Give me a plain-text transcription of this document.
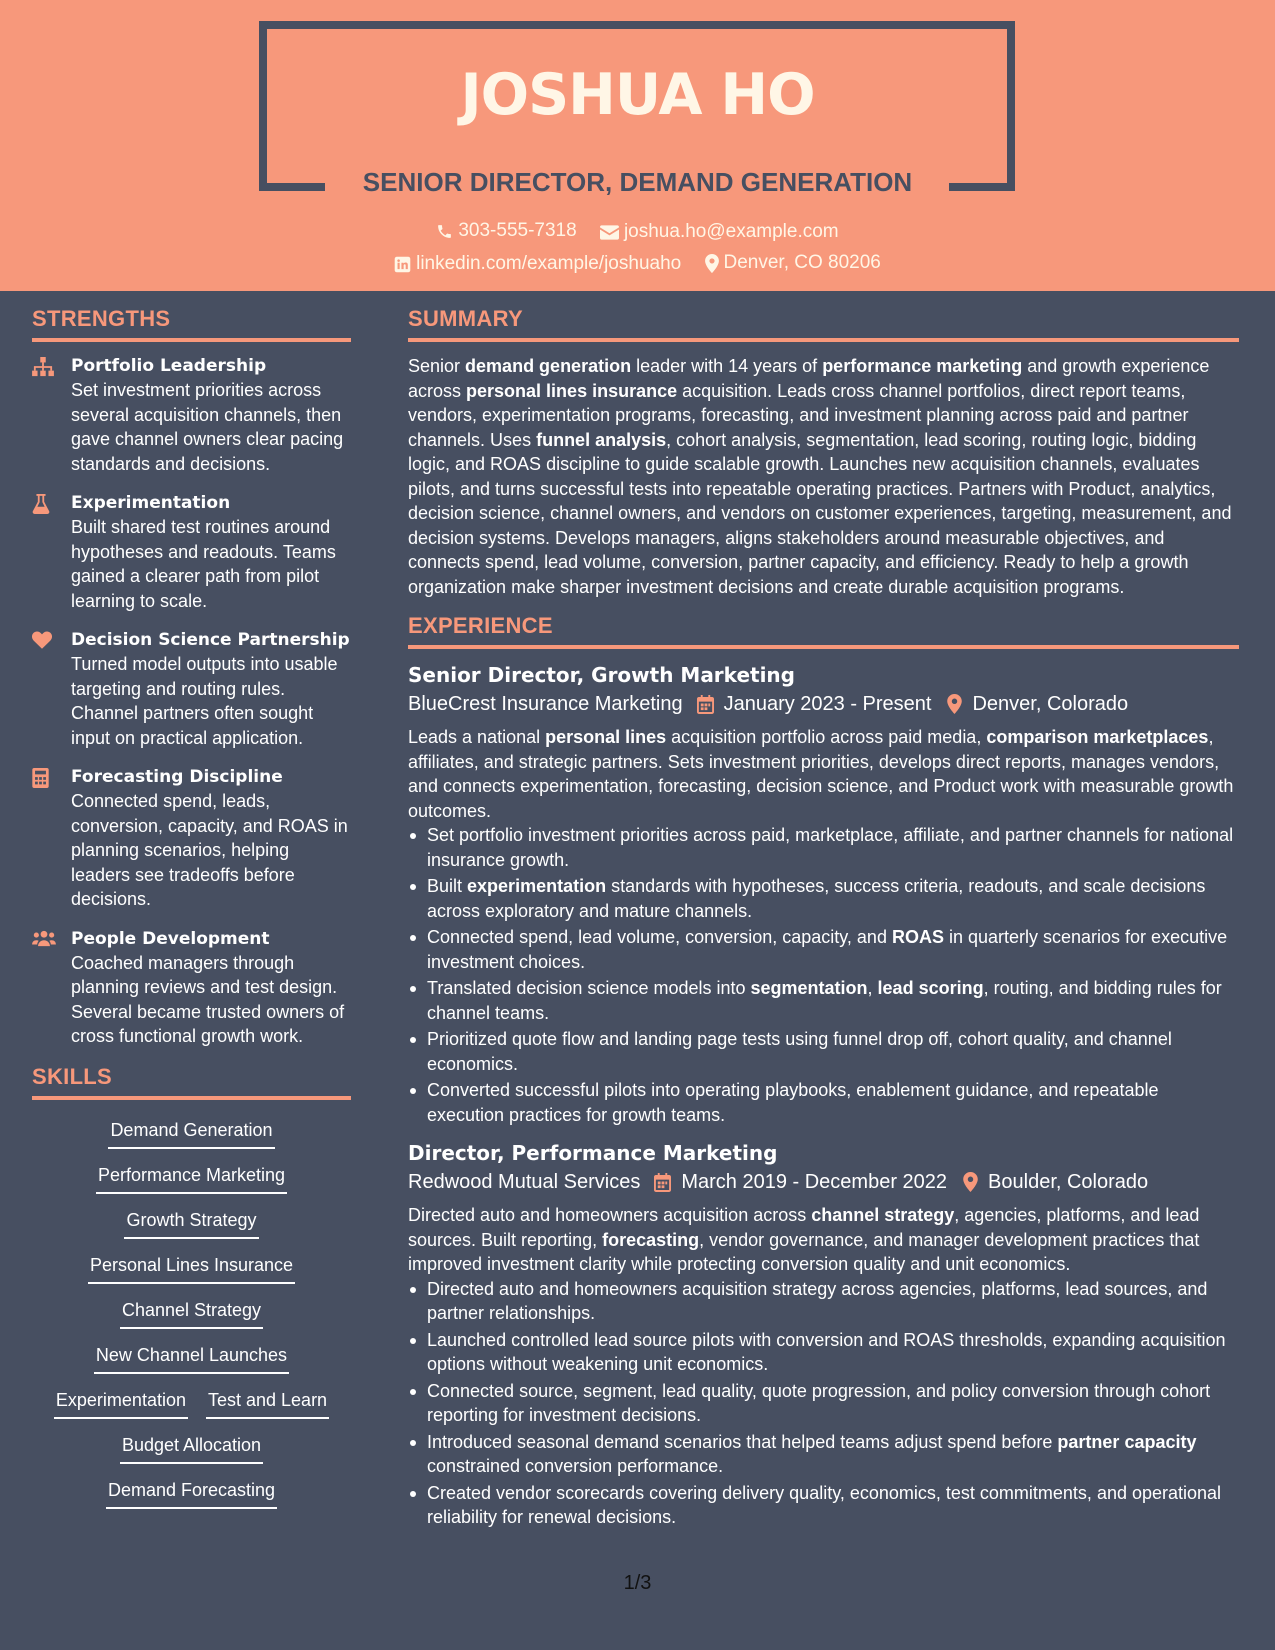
JOSHUA HO
SENIOR DIRECTOR, DEMAND GENERATION
303-555-7318
joshua.ho@example.com
linkedin.com/example/joshuaho
Denver, CO 80206
STRENGTHS
Portfolio Leadership
Set investment priorities across several acquisition channels, then gave channel owners clear pacing standards and decisions.
Experimentation
Built shared test routines around hypotheses and readouts. Teams gained a clearer path from pilot learning to scale.
Decision Science Partnership
Turned model outputs into usable targeting and routing rules. Channel partners often sought input on practical application.
Forecasting Discipline
Connected spend, leads, conversion, capacity, and ROAS in planning scenarios, helping leaders see tradeoffs before decisions.
People Development
Coached managers through planning reviews and test design. Several became trusted owners of cross functional growth work.
SKILLS
Demand Generation
Performance Marketing
Growth Strategy
Personal Lines Insurance
Channel Strategy
New Channel Launches
Experimentation Test and Learn
Budget Allocation
Demand Forecasting
SUMMARY
Senior demand generation leader with 14 years of performance marketing and growth experience across personal lines insurance acquisition. Leads cross channel portfolios, direct report teams, vendors, experimentation programs, forecasting, and investment planning across paid and partner channels. Uses funnel analysis, cohort analysis, segmentation, lead scoring, routing logic, bidding logic, and ROAS discipline to guide scalable growth. Launches new acquisition channels, evaluates pilots, and turns successful tests into repeatable operating practices. Partners with Product, analytics, decision science, channel owners, and vendors on customer experiences, targeting, measurement, and decision systems. Develops managers, aligns stakeholders around measurable objectives, and connects spend, lead volume, conversion, partner capacity, and efficiency. Ready to help a growth organization make sharper investment decisions and create durable acquisition programs.
EXPERIENCE
Senior Director, Growth Marketing
BlueCrest Insurance Marketing January 2023 - Present Denver, Colorado
Leads a national personal lines acquisition portfolio across paid media, comparison marketplaces, affiliates, and strategic partners. Sets investment priorities, develops direct reports, manages vendors, and connects experimentation, forecasting, decision science, and Product work with measurable growth outcomes.
Set portfolio investment priorities across paid, marketplace, affiliate, and partner channels for national insurance growth.
Built experimentation standards with hypotheses, success criteria, readouts, and scale decisions across exploratory and mature channels.
Connected spend, lead volume, conversion, capacity, and ROAS in quarterly scenarios for executive investment choices.
Translated decision science models into segmentation, lead scoring, routing, and bidding rules for channel teams.
Prioritized quote flow and landing page tests using funnel drop off, cohort quality, and channel economics.
Converted successful pilots into operating playbooks, enablement guidance, and repeatable execution practices for growth teams.
Director, Performance Marketing
Redwood Mutual Services March 2019 - December 2022 Boulder, Colorado
Directed auto and homeowners acquisition across channel strategy, agencies, platforms, and lead sources. Built reporting, forecasting, vendor governance, and manager development practices that improved investment clarity while protecting conversion quality and unit economics.
Directed auto and homeowners acquisition strategy across agencies, platforms, lead sources, and partner relationships.
Launched controlled lead source pilots with conversion and ROAS thresholds, expanding acquisition options without weakening unit economics.
Connected source, segment, lead quality, quote progression, and policy conversion through cohort reporting for investment decisions.
Introduced seasonal demand scenarios that helped teams adjust spend before partner capacity constrained conversion performance.
Created vendor scorecards covering delivery quality, economics, test commitments, and operational reliability for renewal decisions.
1/3
